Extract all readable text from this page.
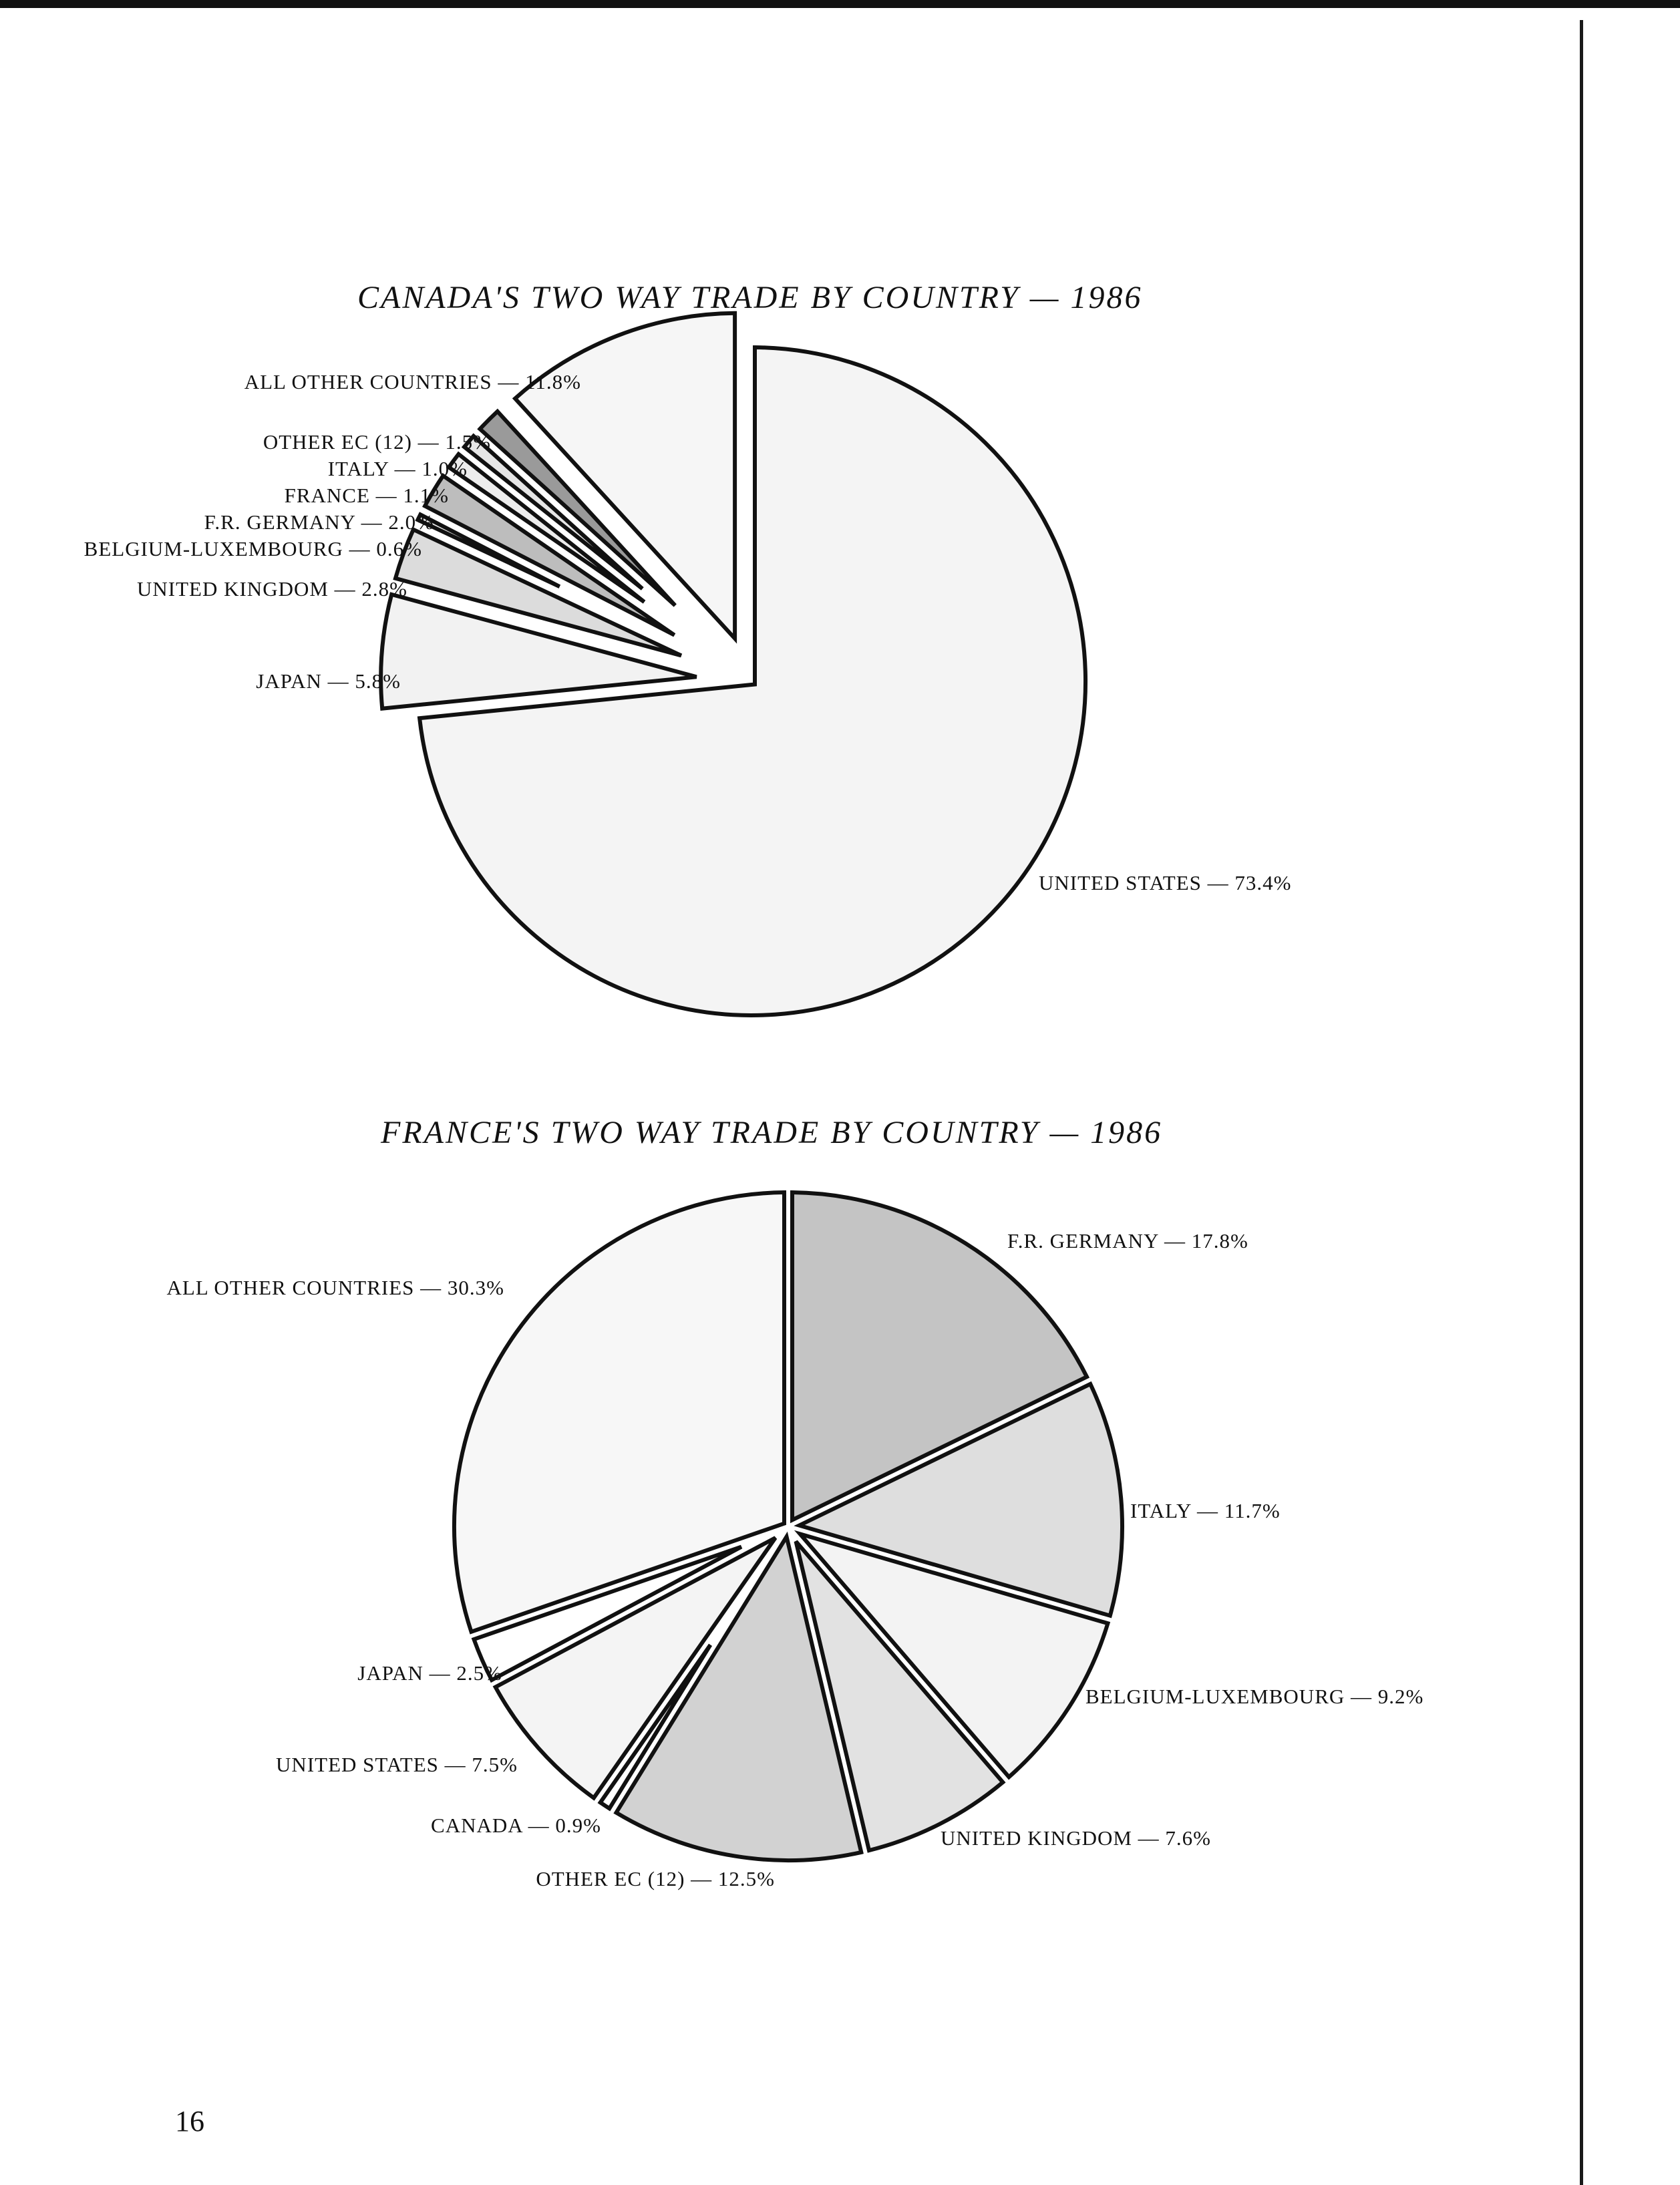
CANADA'S TWO WAY TRADE BY COUNTRY — 1986
FRANCE'S TWO WAY TRADE BY COUNTRY — 1986
UNITED STATES — 73.4%
JAPAN — 5.8%
UNITED KINGDOM — 2.8%
BELGIUM-LUXEMBOURG — 0.6%
F.R. GERMANY — 2.0%
FRANCE — 1.1%
ITALY — 1.0%
OTHER EC (12) — 1.5%
ALL OTHER COUNTRIES — 11.8%
F.R. GERMANY — 17.8%
ITALY — 11.7%
BELGIUM-LUXEMBOURG — 9.2%
UNITED KINGDOM — 7.6%
OTHER EC (12) — 12.5%
CANADA — 0.9%
UNITED STATES — 7.5%
JAPAN — 2.5%
ALL OTHER COUNTRIES — 30.3%
16
